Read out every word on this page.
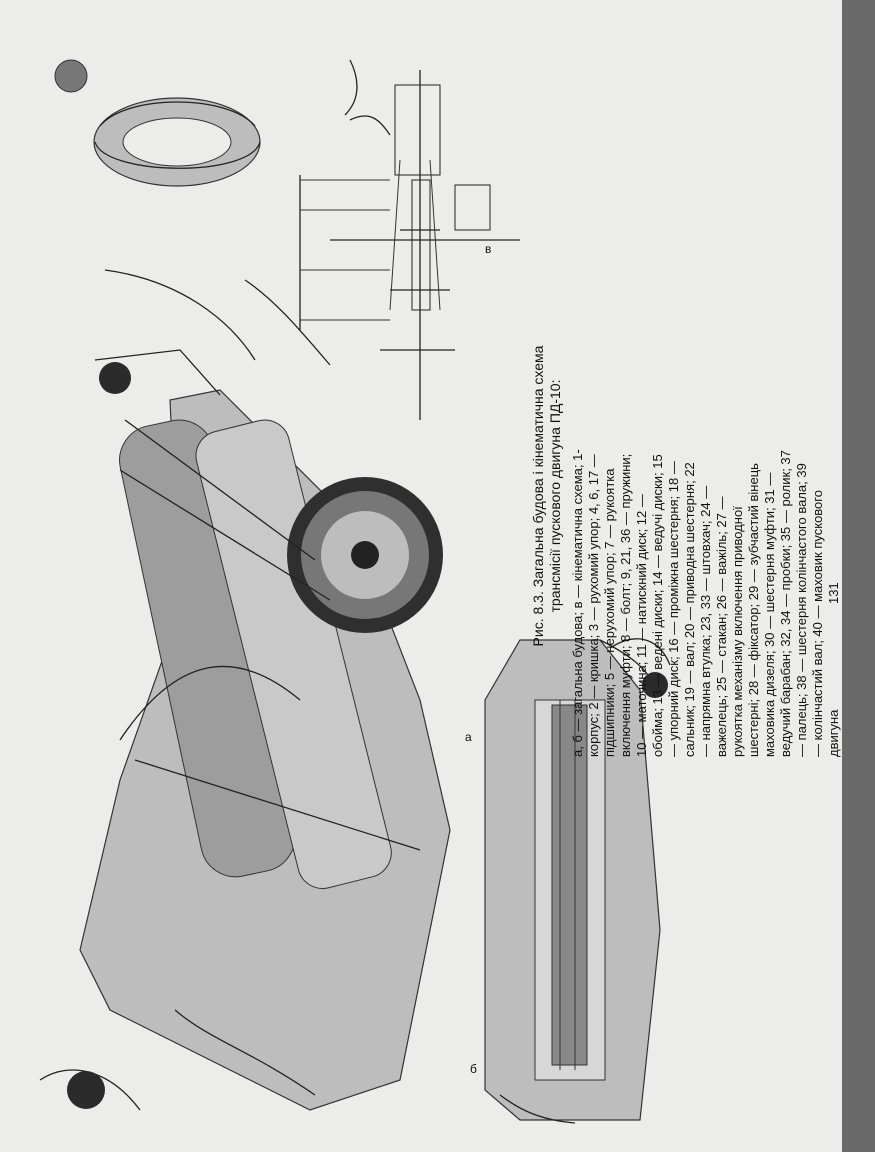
б
а
в
Рис. 8.3. Загальна будова і кінематична схема трансмісії пускового двигуна ПД-10: а, б — загальна будова; в — кінематична схема; 1- корпус; 2 — кришка; 3 — рухомий упор; 4, 6, 17 — підшипники; 5 — нерухомий упор; 7 — рукоятка включення муфти; 8 — болт; 9, 21, 36 — пружини; 10 — маточина; 11 — натискний диск; 12 — обойма; 13 — ведені диски; 14 — ведучі диски; 15 — упорний диск; 16 — проміжна шестерня; 18 — сальник; 19 — вал; 20 — приводна шестерня; 22 — напрямна втулка; 23, 33 — штовхач; 24 — важелець; 25 — стакан; 26 — важіль; 27 — рукоятка механізму включення приводної шестерні; 28 — фіксатор; 29 — зубчастий вінець маховика дизеля; 30 — шестерня муфти; 31 — ведучий барабан; 32, 34 — пробки; 35 — ролик; 37 — палець; 38 — шестерня колінчастого вала; 39 — колінчастий вал; 40 — маховик пускового двигуна
131
